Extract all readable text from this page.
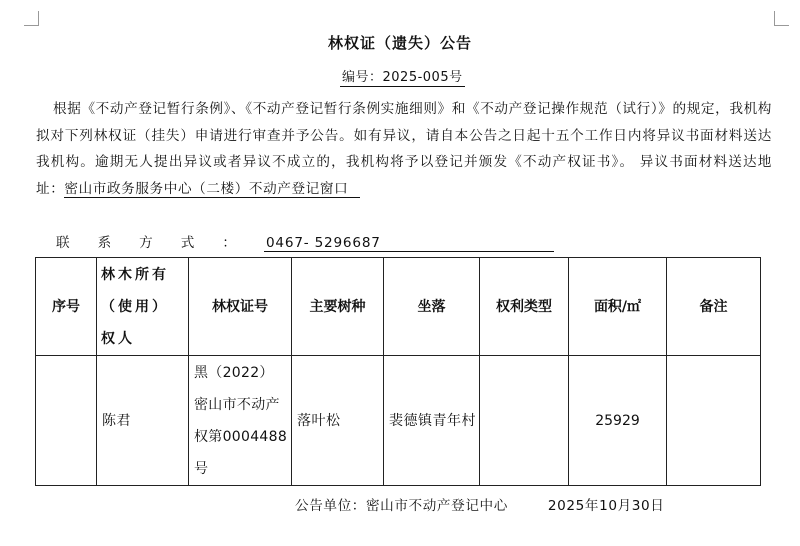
林权证（遗失）公告
编号：2025-005号

根据《不动产登记暂行条例》、《不动产登记暂行条例实施细则》和《不动产登记操作规范（试行）》的规定，我机构拟对下列林权证（挂失）申请进行审查并予公告。如有异议，请自本公告之日起十五个工作日内将异议书面材料送达我机构。逾期无人提出异议或者异议不成立的，我机构将予以登记并颁发《不动产权证书》。 异议书面材料送达地址：密山市政务服务中心（二楼）不动产登记窗口

联系方式： 0467- 5296687
序号	林木所有（使用）权人	林权证号	主要树种	坐落	权利类型	面积/㎡	备注
	陈君	黑（2022）密山市不动产权第0004488号	落叶松	裴德镇青年村		25929	
公告单位：密山市不动产登记中心	2025年10月30日
